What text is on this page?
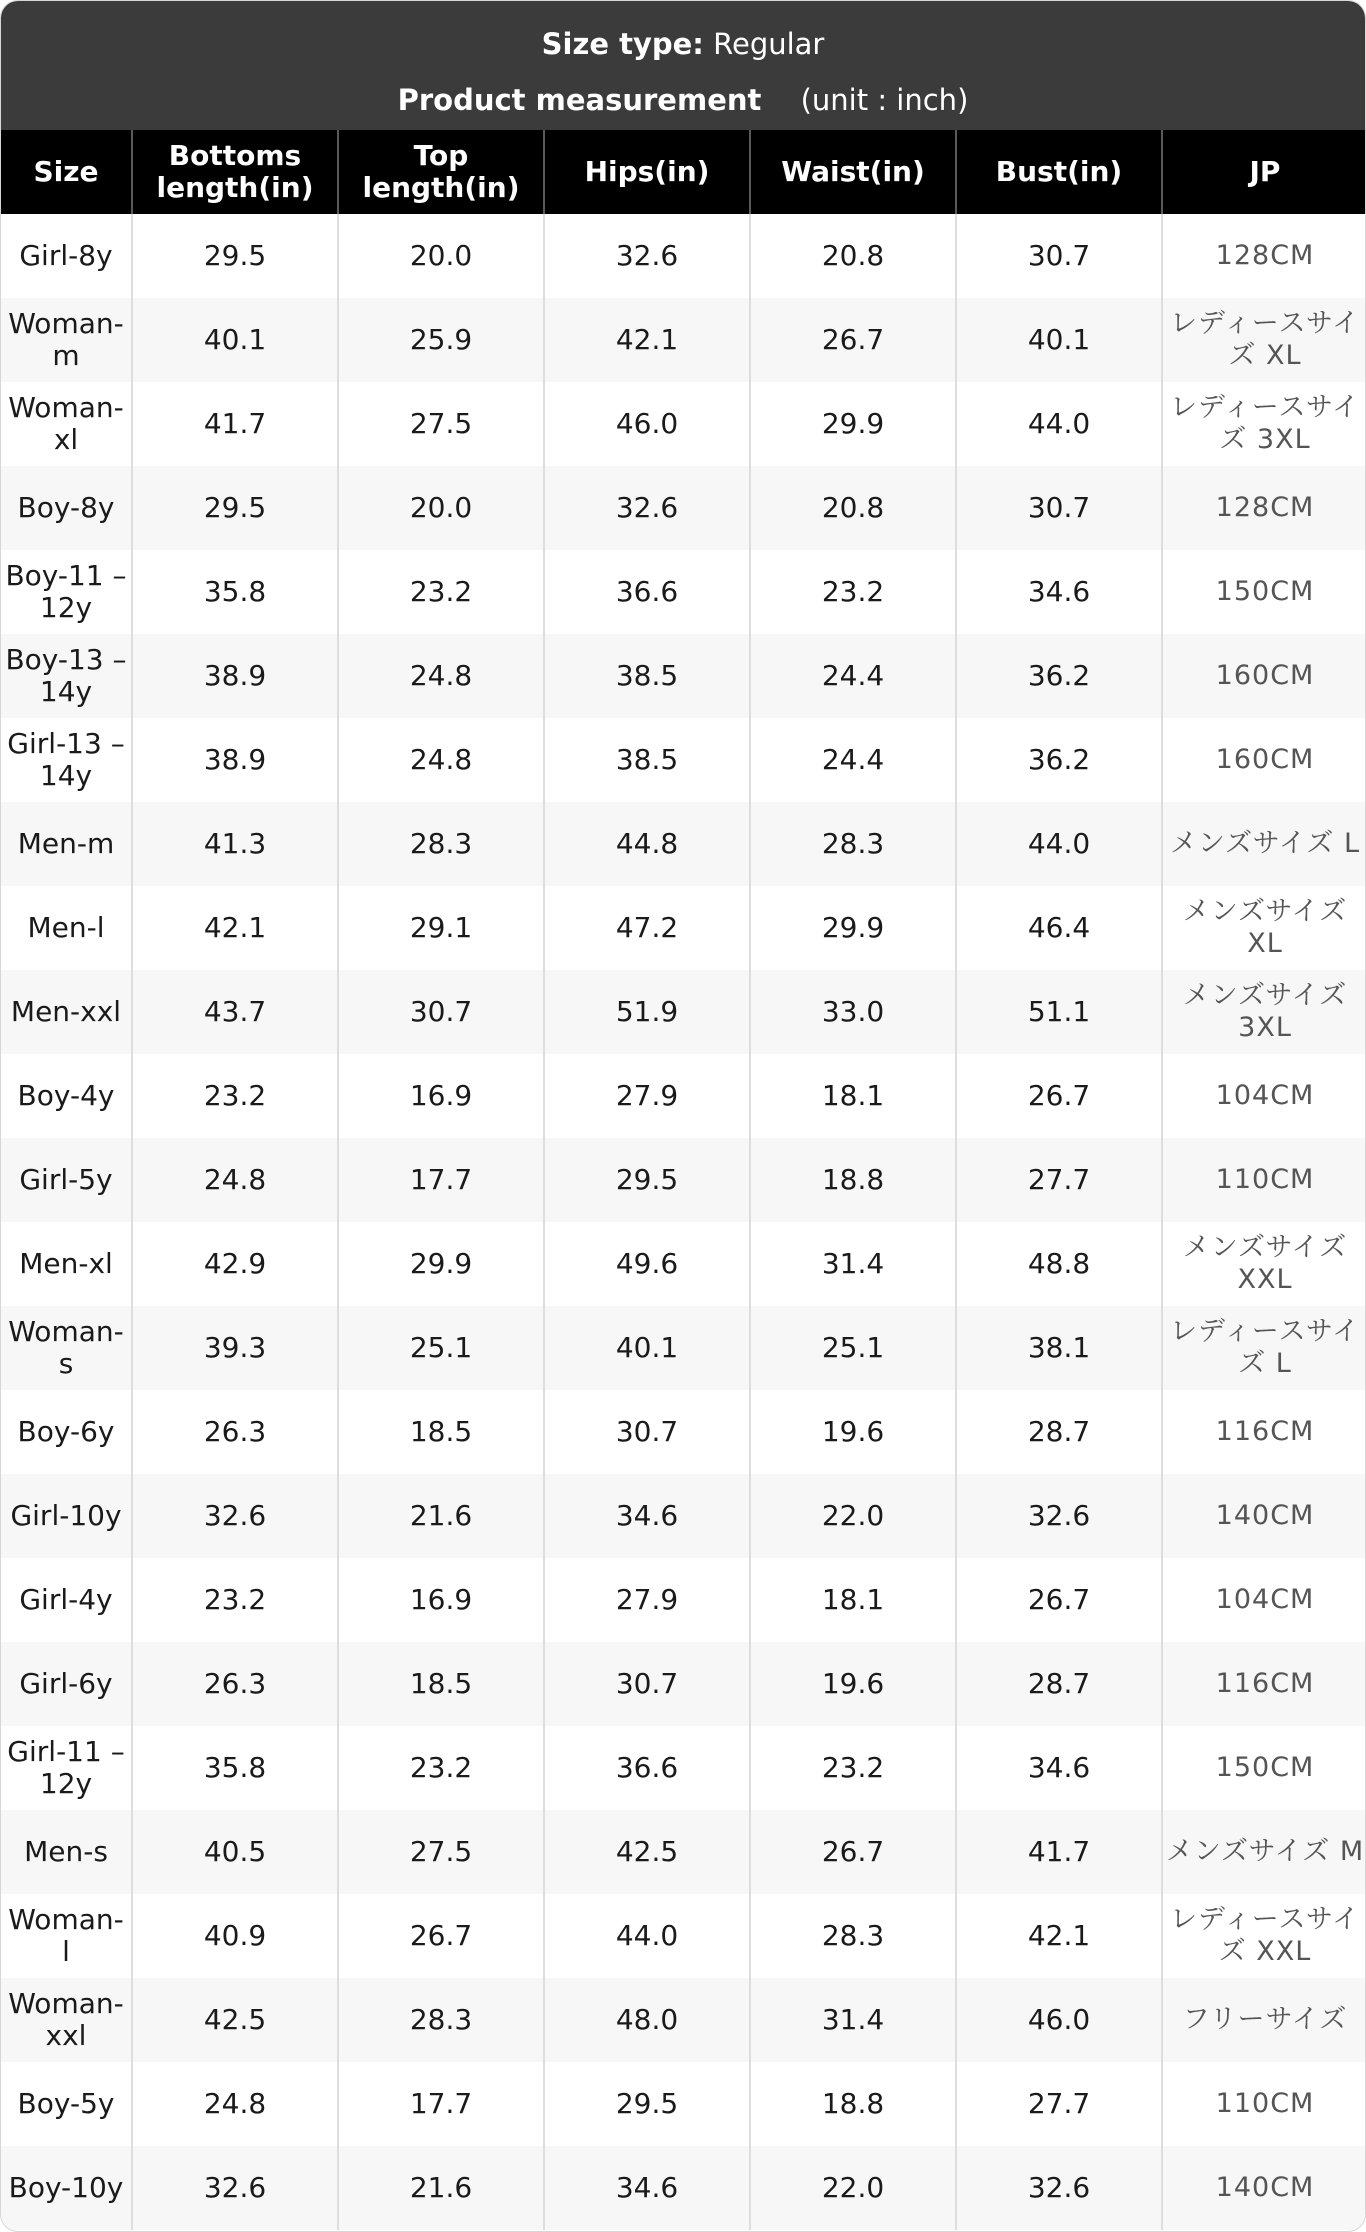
Size type: Regular
Product measurement (unit : inch)
Size	Bottoms length(in)	Top length(in)	Hips(in)	Waist(in)	Bust(in)	JP
Girl-8y	29.5	20.0	32.6	20.8	30.7	128CM
Woman-m	40.1	25.9	42.1	26.7	40.1	レディースサイズ XL
Woman-xl	41.7	27.5	46.0	29.9	44.0	レディースサイズ 3XL
Boy-8y	29.5	20.0	32.6	20.8	30.7	128CM
Boy-11 – 12y	35.8	23.2	36.6	23.2	34.6	150CM
Boy-13 – 14y	38.9	24.8	38.5	24.4	36.2	160CM
Girl-13 – 14y	38.9	24.8	38.5	24.4	36.2	160CM
Men-m	41.3	28.3	44.8	28.3	44.0	メンズサイズ L
Men-l	42.1	29.1	47.2	29.9	46.4	メンズサイズ XL
Men-xxl	43.7	30.7	51.9	33.0	51.1	メンズサイズ 3XL
Boy-4y	23.2	16.9	27.9	18.1	26.7	104CM
Girl-5y	24.8	17.7	29.5	18.8	27.7	110CM
Men-xl	42.9	29.9	49.6	31.4	48.8	メンズサイズ XXL
Woman-s	39.3	25.1	40.1	25.1	38.1	レディースサイズ L
Boy-6y	26.3	18.5	30.7	19.6	28.7	116CM
Girl-10y	32.6	21.6	34.6	22.0	32.6	140CM
Girl-4y	23.2	16.9	27.9	18.1	26.7	104CM
Girl-6y	26.3	18.5	30.7	19.6	28.7	116CM
Girl-11 – 12y	35.8	23.2	36.6	23.2	34.6	150CM
Men-s	40.5	27.5	42.5	26.7	41.7	メンズサイズ M
Woman-l	40.9	26.7	44.0	28.3	42.1	レディースサイズ XXL
Woman-xxl	42.5	28.3	48.0	31.4	46.0	フリーサイズ
Boy-5y	24.8	17.7	29.5	18.8	27.7	110CM
Boy-10y	32.6	21.6	34.6	22.0	32.6	140CM
